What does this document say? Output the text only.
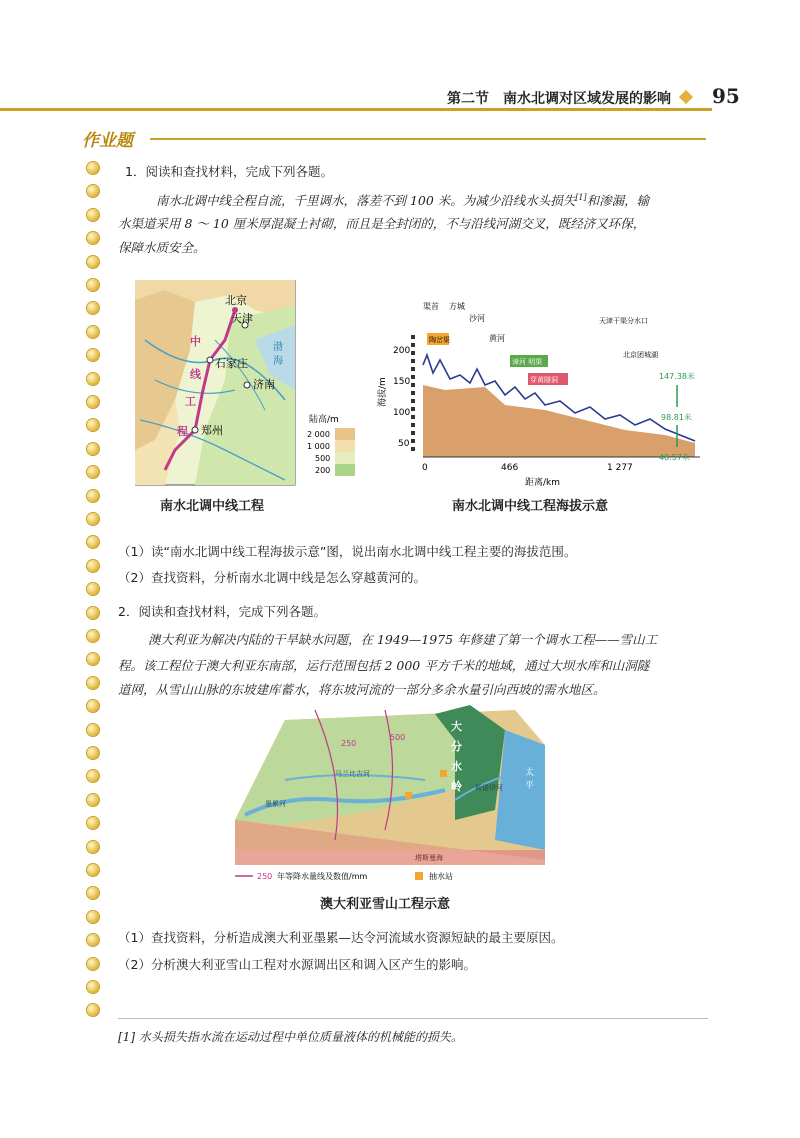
第二节　南水北调对区域发展的影响 95
作业题
1．阅读和查找材料，完成下列各题。
南水北调中线全程自流，千里调水，落差不到 100 米。为减少沿线水头损失[1]和渗漏，输
水渠道采用 8 ～ 10 厘米厚混凝土衬砌，而且是全封闭的，不与沿线河湖交叉，既经济又环保，
保障水质安全。
北京
天津
石家庄
济南
郑州
中
线
工
程
渤
海
陆高/m
2 000
1 000
500
200
南水北调中线工程
海拔/m
200
150
100
50
0	466	1 277
距离/km
陶岔渠
漳河 明渠
穿黄隧洞
渠首 方城
沙河
黄河
天津干渠分水口
北京团城湖
147.38米
98.81米
48.57米
南水北调中线工程海拔示意
（1）读“南水北调中线工程海拔示意”图，说出南水北调中线工程主要的海拔范围。
（2）查找资料，分析南水北调中线是怎么穿越黄河的。
2．阅读和查找材料，完成下列各题。
澳大利亚为解决内陆的干旱缺水问题，在 1949—1975 年修建了第一个调水工程——雪山工
程。该工程位于澳大利亚东南部，运行范围包括 2 000 平方千米的地域，通过大坝水库和山洞隧
道网，从雪山山脉的东坡建库蓄水，将东坡河流的一部分多余水量引向西坡的需水地区。
250
500
墨累河
马兰比吉河
斯诺伊河
大
分
水
岭
太
平
塔斯曼海
250 年等降水量线及数值/mm	抽水站
澳大利亚雪山工程示意
（1）查找资料，分析造成澳大利亚墨累—达令河流域水资源短缺的最主要原因。
（2）分析澳大利亚雪山工程对水源调出区和调入区产生的影响。
[1] 水头损失指水流在运动过程中单位质量液体的机械能的损失。
